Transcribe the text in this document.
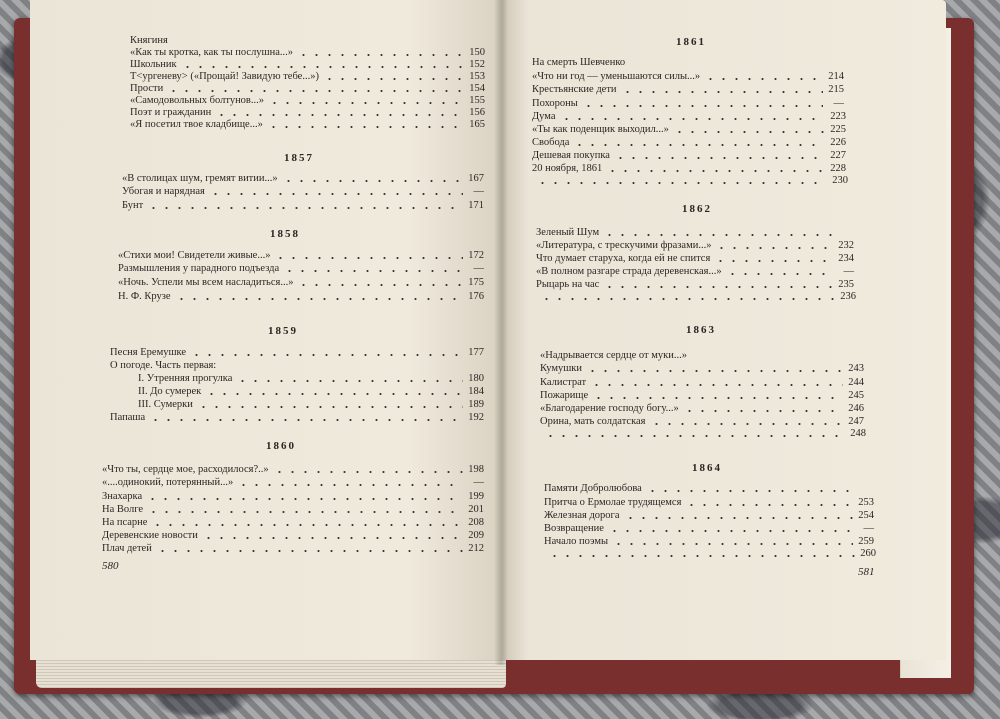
Княгиня
«Как ты кротка, как ты послушна...»	150
Школьник	152
Т<ургеневу> («Прощай! Завидую тебе...»)	153
Прости	154
«Самодовольных болтунов...»	155
Поэт и гражданин	156
«Я посетил твое кладбище...»	165
1857
«В столицах шум, гремят витии...»	167
Убогая и нарядная	—
Бунт	171
1858
«Стихи мои! Свидетели живые...»	172
Размышления у парадного подъезда	—
«Ночь. Успели мы всем насладиться...»	175
Н. Ф. Крузе	176
1859
Песня Еремушке	177
О погоде. Часть первая:
I. Утренняя прогулка	180
II. До сумерек	184
III. Сумерки	189
Папаша	192
1860
«Что ты, сердце мое, расходилося?..»	198
«....одинокий, потерянный...»	—
Знахарка	199
На Волге	201
На псарне	208
Деревенские новости	209
Плач детей	212
580
1861
На смерть Шевченко
«Что ни год — уменьшаются силы...»	214
Крестьянские дети	215
Похороны	—
Дума	223
«Ты как поденщик выходил...»	225
Свобода	226
Дешевая покупка	227
20 ноября, 1861	228
230
1862
Зеленый Шум
«Литература, с трескучими фразами...»	232
Что думает старуха, когда ей не спится	234
«В полном разгаре страда деревенская...»	—
Рыцарь на час	235
236
1863
«Надрывается сердце от муки...»
Кумушки	243
Калистрат	244
Пожарище	245
«Благодарение господу богу...»	246
Орина, мать солдатская	247
248
1864
Памяти Добролюбова
Притча о Ермолае трудящемся	253
Железная дорога	254
Возвращение	—
Начало поэмы	259
260
581
